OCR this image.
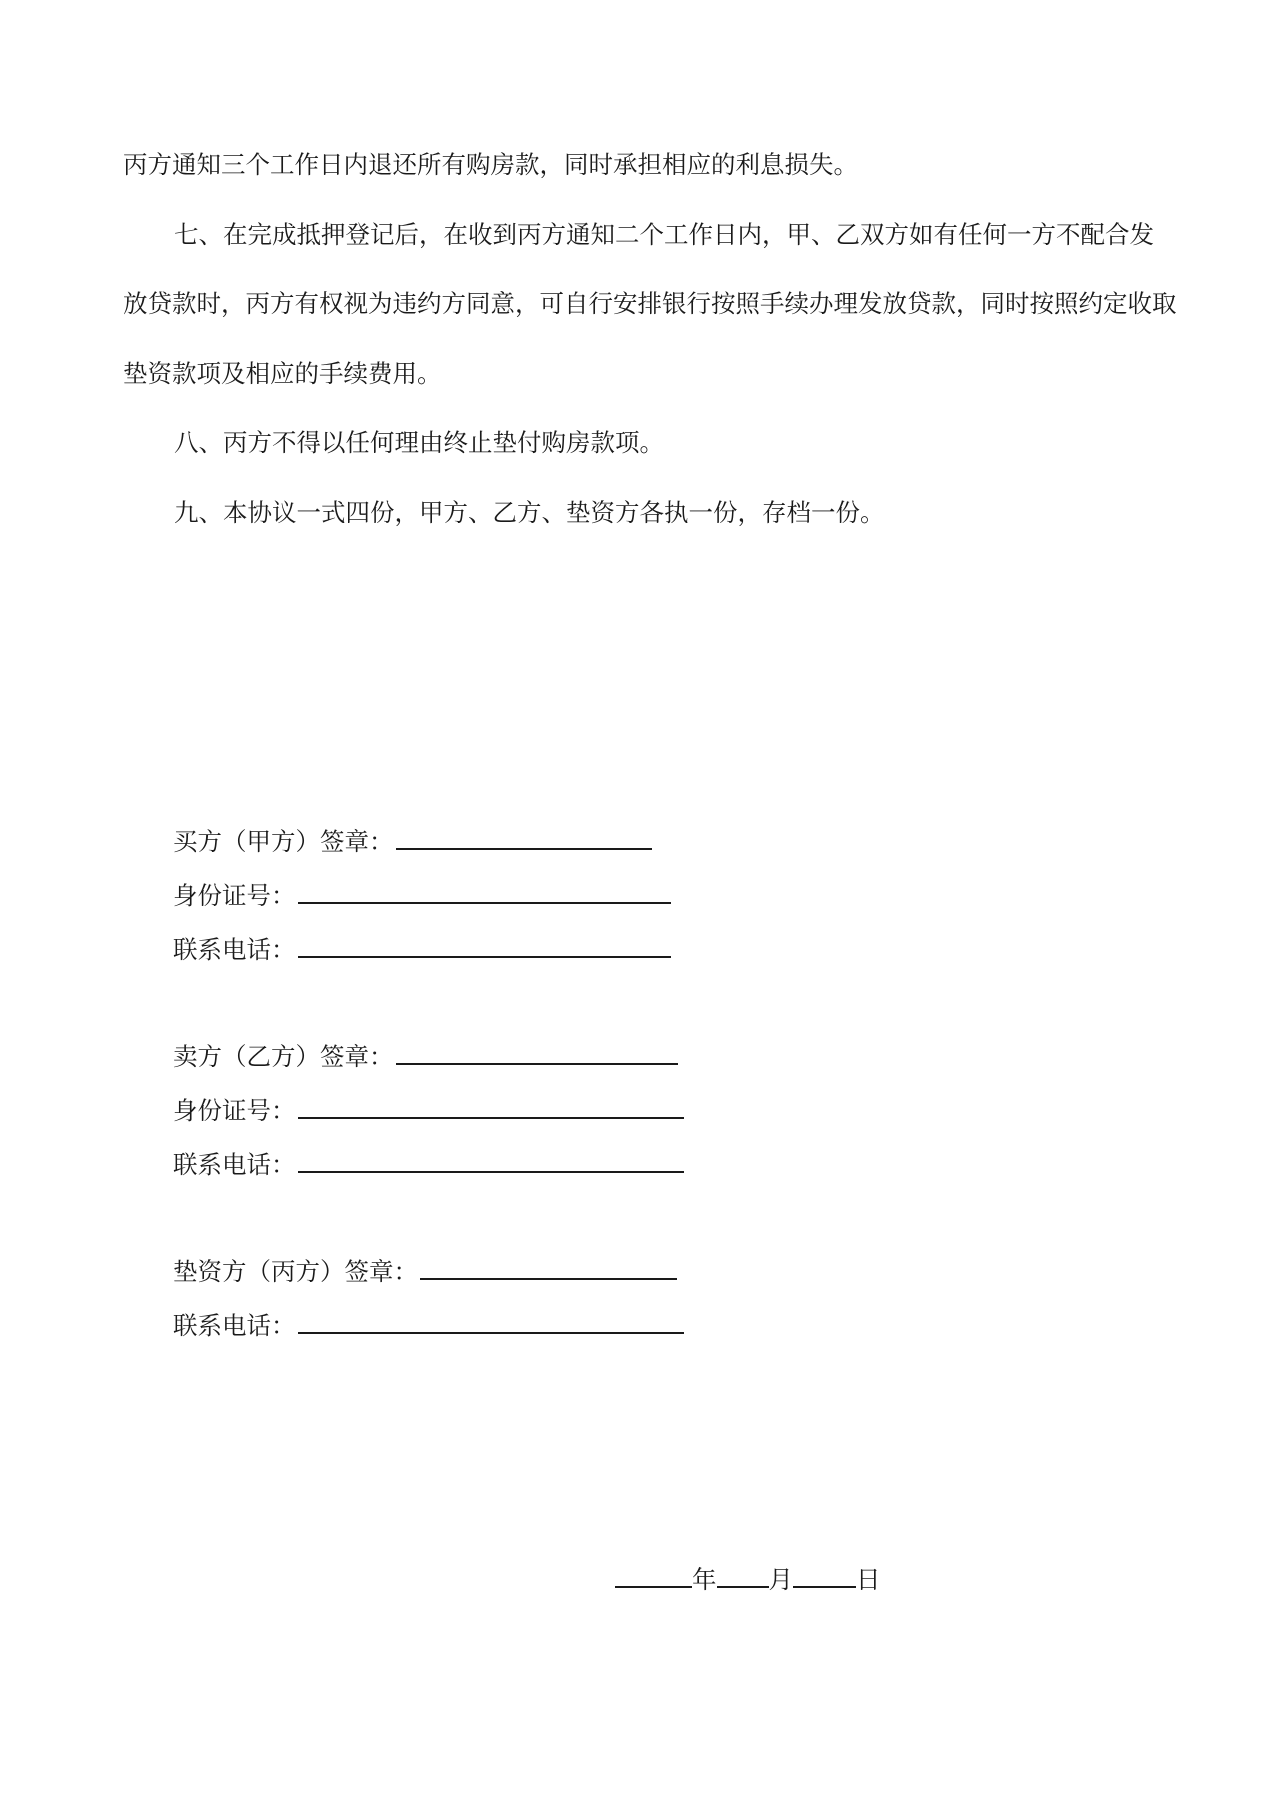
丙方通知三个工作日内退还所有购房款，同时承担相应的利息损失。

七、在完成抵押登记后，在收到丙方通知二个工作日内，甲、乙双方如有任何一方不配合发放贷款时，丙方有权视为违约方同意，可自行安排银行按照手续办理发放贷款，同时按照约定收取垫资款项及相应的手续费用。

八、丙方不得以任何理由终止垫付购房款项。

九、本协议一式四份，甲方、乙方、垫资方各执一份，存档一份。

买方（甲方）签章：
身份证号：
联系电话：
卖方（乙方）签章：
身份证号：
联系电话：
垫资方（丙方）签章：
联系电话：
年 月	日
